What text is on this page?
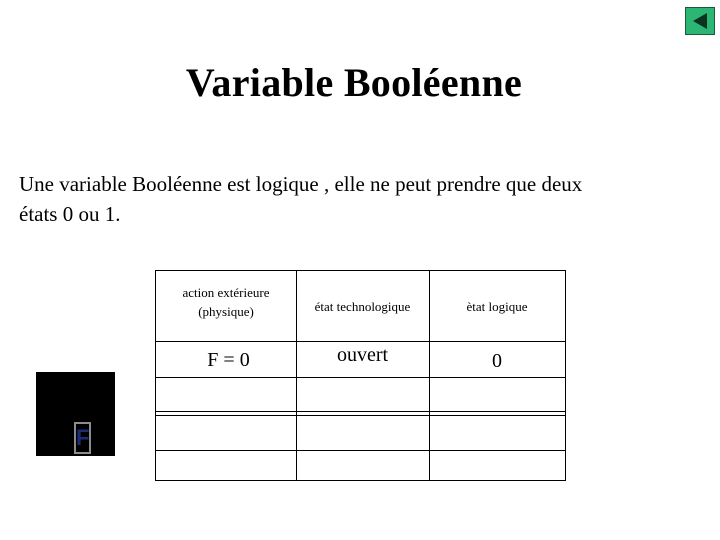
Variable Booléenne
Une variable Booléenne est logique , elle ne peut prendre que deux
états 0 ou 1.
F
action extérieure
(physique)	état technologique	ètat logique
F = 0	ouvert	0
